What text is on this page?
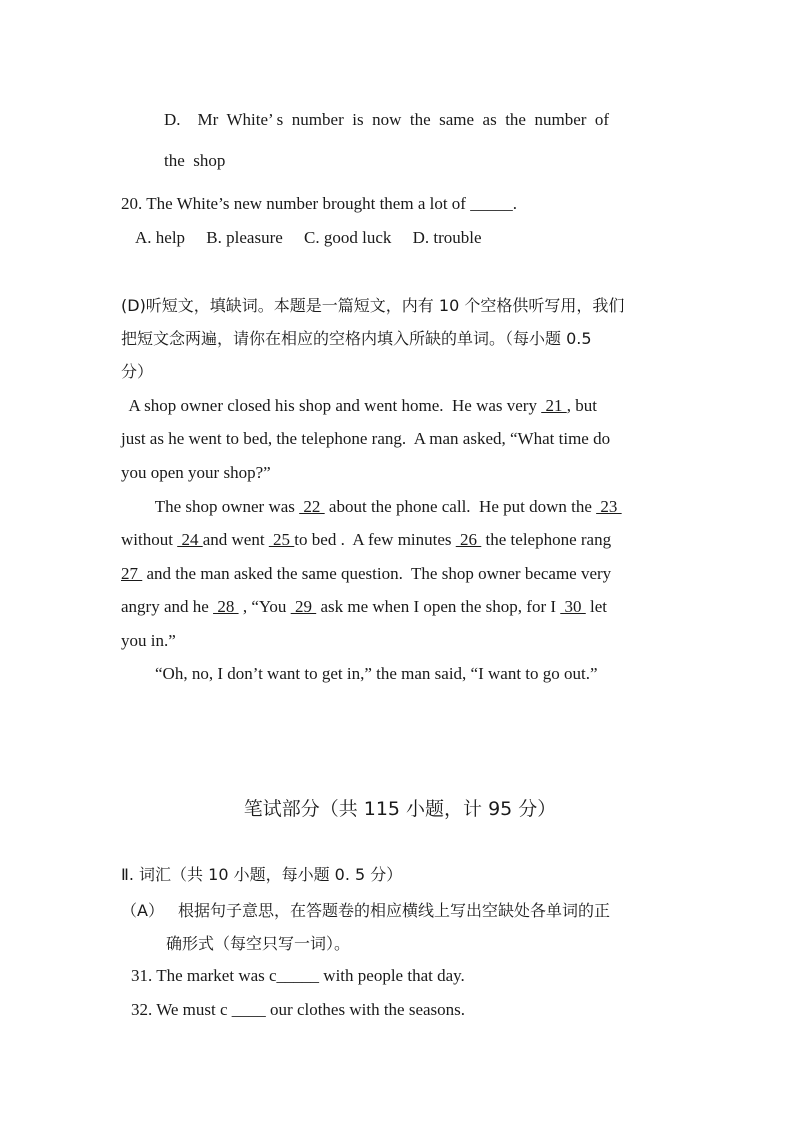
D.    Mr  White’ s  number  is  now  the  same  as  the  number  of
the  shop
20. The White’s new number brought them a lot of _____.
A. help     B. pleasure     C. good luck     D. trouble
(D)听短文，填缺词。本题是一篇短文，内有 10 个空格供听写用，我们
把短文念两遍，请你在相应的空格内填入所缺的单词。（每小题 0.5
分）
A shop owner closed his shop and went home.  He was very  21 , but
just as he went to bed, the telephone rang.  A man asked, “What time do
you open your shop?”
The shop owner was  22  about the phone call.  He put down the  23
without  24 and went  25 to bed .  A few minutes  26  the telephone rang
27  and the man asked the same question.  The shop owner became very
angry and he  28  , “You  29  ask me when I open the shop, for I  30  let
you in.”
“Oh, no, I don’t want to get in,” the man said, “I want to go out.”
笔试部分（共 115 小题，计 95 分）
Ⅱ. 词汇（共 10 小题，每小题 0. 5 分）
（A） 根据句子意思，在答题卷的相应横线上写出空缺处各单词的正
确形式（每空只写一词）。
31. The market was c_____ with people that day.
32. We must c ____ our clothes with the seasons.
